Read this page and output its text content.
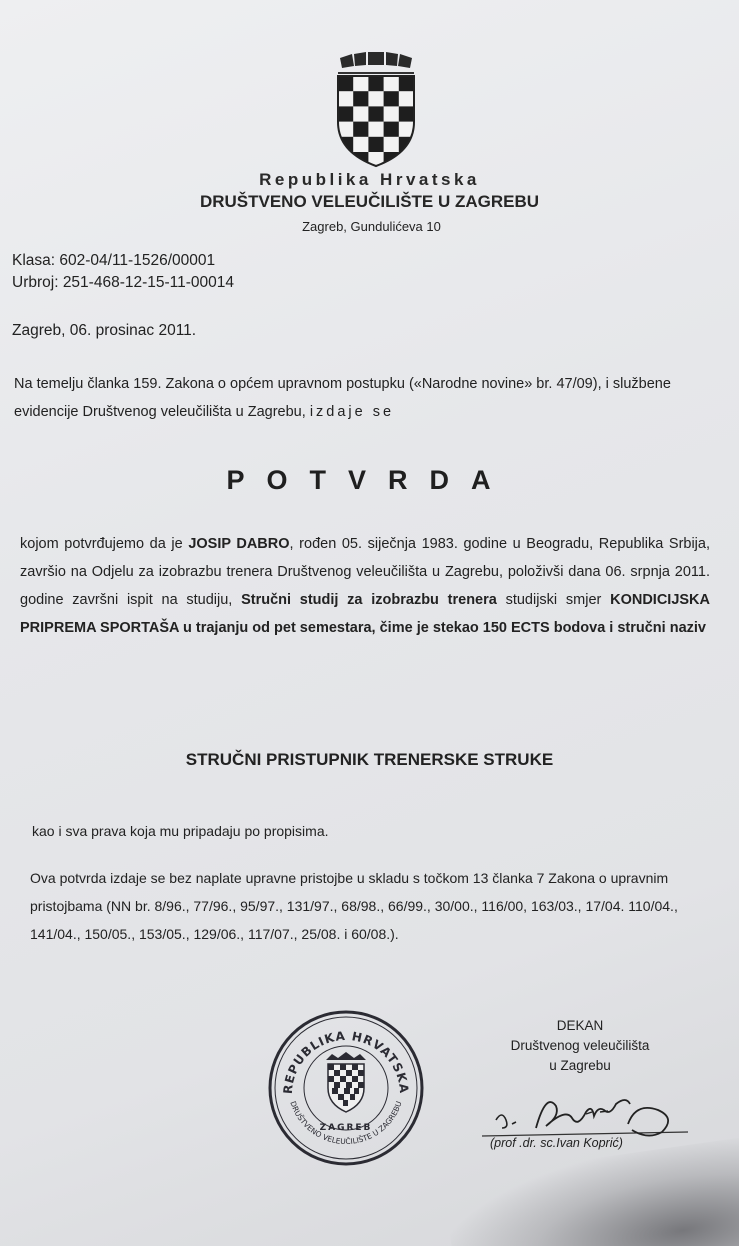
Republika Hrvatska
DRUŠTVENO VELEUČILIŠTE U ZAGREBU
Zagreb, Gundulićeva 10
Klasa: 602-04/11-1526/00001
Urbroj: 251-468-12-15-11-00014
Zagreb, 06. prosinac 2011.
Na temelju članka 159. Zakona o općem upravnom postupku («Narodne novine» br. 47/09), i službene evidencije Društvenog veleučilišta u Zagrebu, izdaje se
POTVRDA
kojom potvrđujemo da je JOSIP DABRO, rođen 05. siječnja 1983. godine u Beogradu, Republika Srbija, završio na Odjelu za izobrazbu trenera Društvenog veleučilišta u Zagrebu, položivši dana 06. srpnja 2011. godine završni ispit na studiju, Stručni studij za izobrazbu trenera studijski smjer KONDICIJSKA PRIPREMA SPORTAŠA u trajanju od pet semestara, čime je stekao 150 ECTS bodova i stručni naziv
STRUČNI PRISTUPNIK TRENERSKE STRUKE
kao i sva prava koja mu pripadaju po propisima.
Ova potvrda izdaje se bez naplate upravne pristojbe u skladu s točkom 13 članka 7 Zakona o upravnim pristojbama (NN br. 8/96., 77/96., 95/97., 131/97., 68/98., 66/99., 30/00., 116/00, 163/03., 17/04. 110/04., 141/04., 150/05., 153/05., 129/06., 117/07., 25/08. i 60/08.).
REPUBLIKA HRVATSKA
DRUŠTVENO VELEUČILIŠTE U ZAGREBU
ZAGREB
DEKAN
Društvenog veleučilišta
u Zagrebu
(prof .dr. sc.Ivan Koprić)
